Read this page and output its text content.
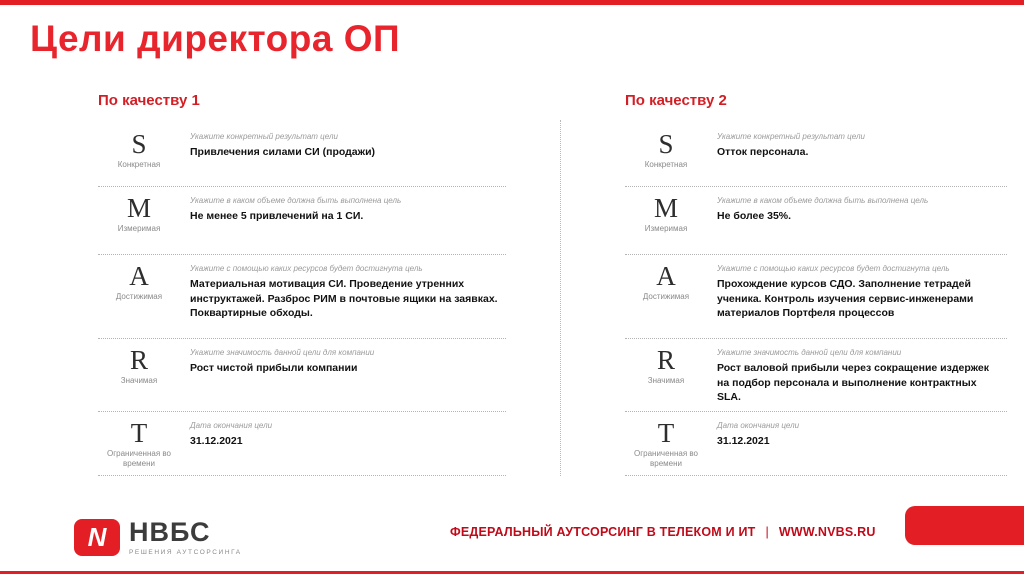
Цели директора ОП
По качеству 1
S
Конкретная
Укажите конкретный результат цели
Привлечения силами СИ (продажи)
M
Измеримая
Укажите в каком объеме должна быть выполнена цель
Не менее 5 привлечений на 1 СИ.
A
Достижимая
Укажите с помощью каких ресурсов будет достигнута цель
Материальная мотивация СИ. Проведение утренних инструктажей. Разброс РИМ в почтовые ящики на заявках. Поквартирные обходы.
R
Значимая
Укажите значимость данной цели для компании
Рост чистой прибыли компании
T
Ограниченная во времени
Дата окончания цели
31.12.2021
По качеству 2
S
Конкретная
Укажите конкретный результат цели
Отток персонала.
M
Измеримая
Укажите в каком объеме должна быть выполнена цель
Не более 35%.
A
Достижимая
Укажите с помощью каких ресурсов будет достигнута цель
Прохождение курсов СДО. Заполнение тетрадей ученика. Контроль изучения сервис-инженерами материалов Портфеля процессов
R
Значимая
Укажите значимость данной цели для компании
Рост валовой прибыли через сокращение издержек на подбор персонала и выполнение контрактных SLA.
T
Ограниченная во времени
Дата окончания цели
31.12.2021
N НВБС
РЕШЕНИЯ АУТСОРСИНГА
ФЕДЕРАЛЬНЫЙ АУТСОРСИНГ В ТЕЛЕКОМ И ИТ | WWW.NVBS.RU
